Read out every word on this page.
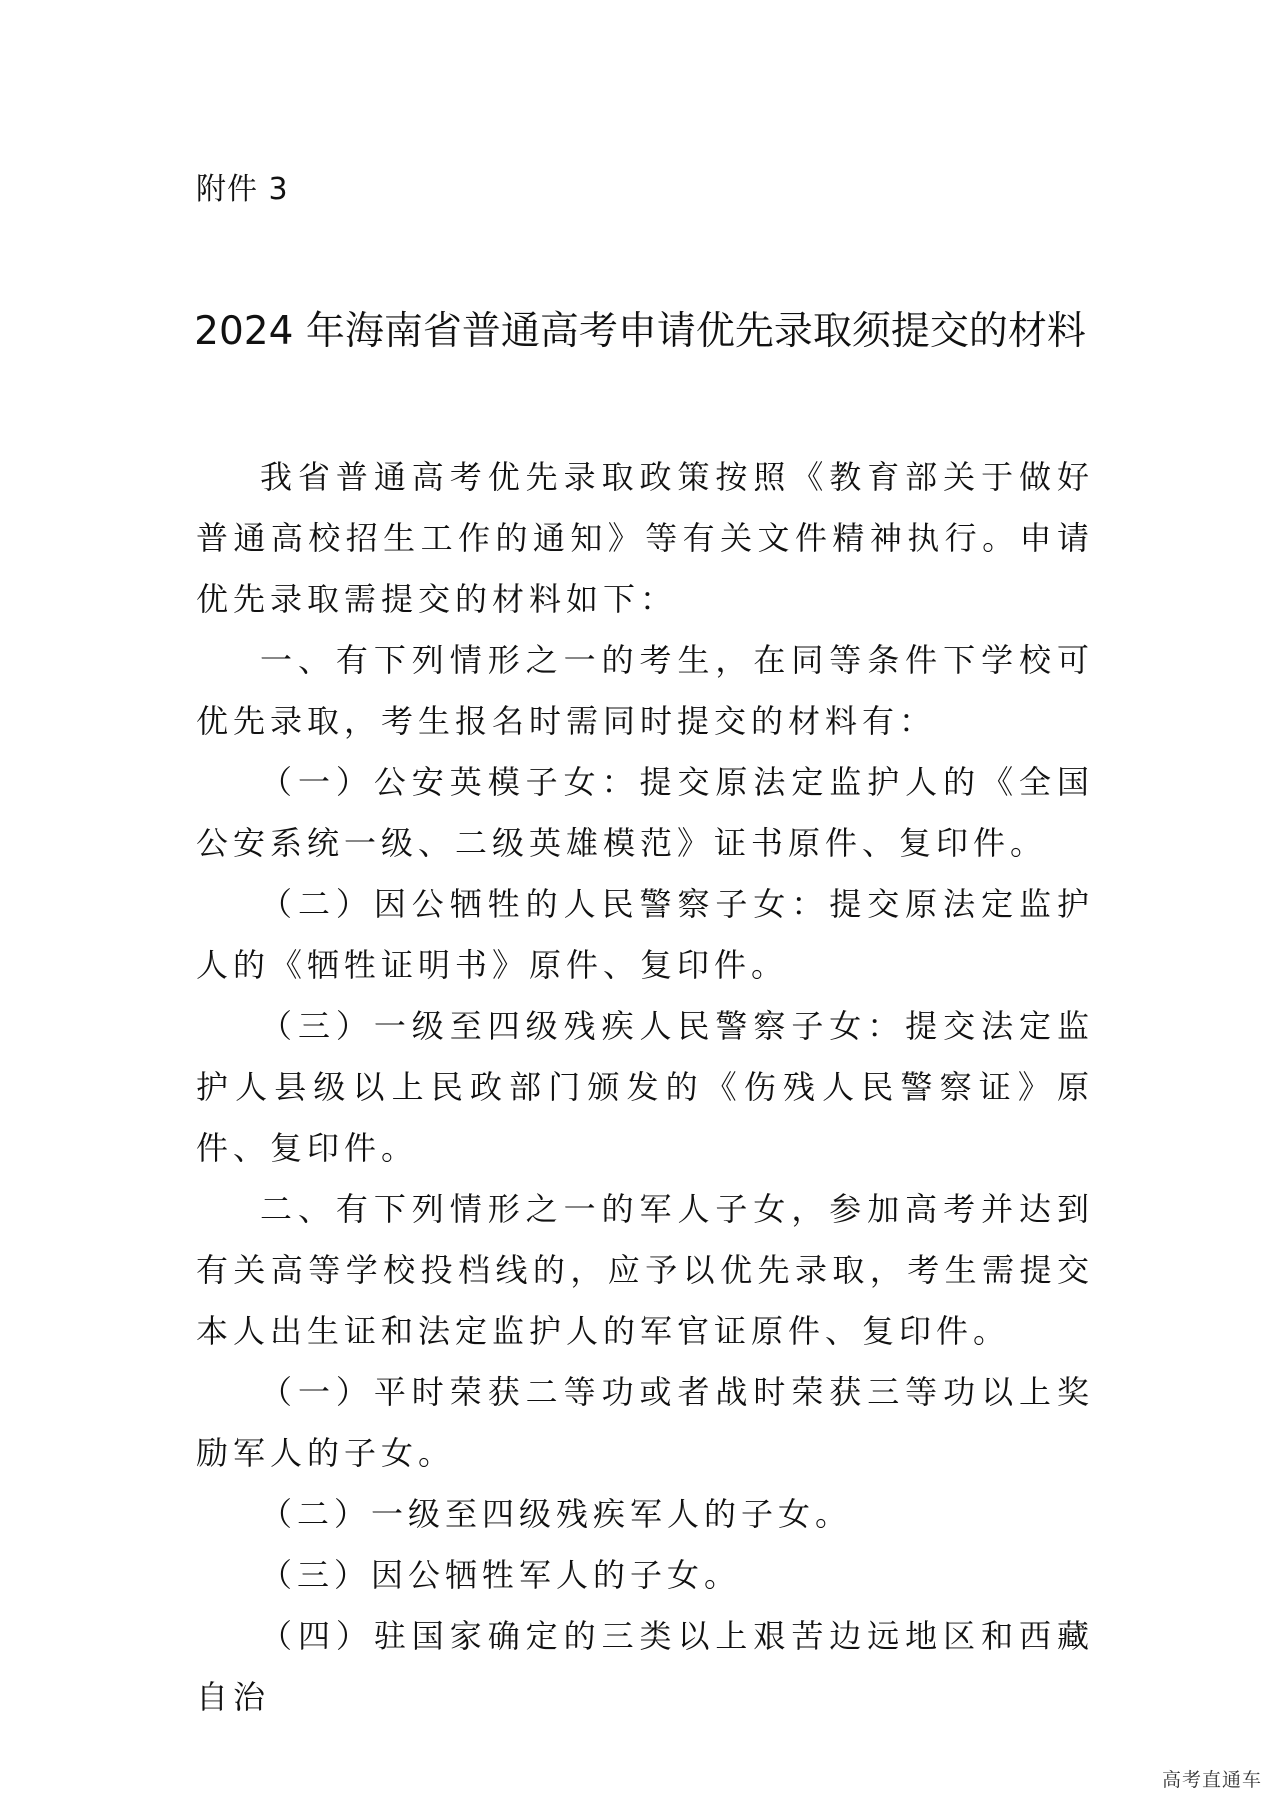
附件 3
2024 年海南省普通高考申请优先录取须提交的材料

我省普通高考优先录取政策按照《教育部关于做好普通高校招生工作的通知》等有关文件精神执行。申请优先录取需提交的材料如下：

一、有下列情形之一的考生，在同等条件下学校可优先录取，考生报名时需同时提交的材料有：

（一）公安英模子女：提交原法定监护人的《全国公安系统一级、二级英雄模范》证书原件、复印件。

（二）因公牺牲的人民警察子女：提交原法定监护人的《牺牲证明书》原件、复印件。

（三）一级至四级残疾人民警察子女：提交法定监护人县级以上民政部门颁发的《伤残人民警察证》原件、复印件。

二、有下列情形之一的军人子女，参加高考并达到有关高等学校投档线的，应予以优先录取，考生需提交本人出生证和法定监护人的军官证原件、复印件。

（一）平时荣获二等功或者战时荣获三等功以上奖励军人的子女。

（二）一级至四级残疾军人的子女。

（三）因公牺牲军人的子女。

（四）驻国家确定的三类以上艰苦边远地区和西藏自治

高考直通车
